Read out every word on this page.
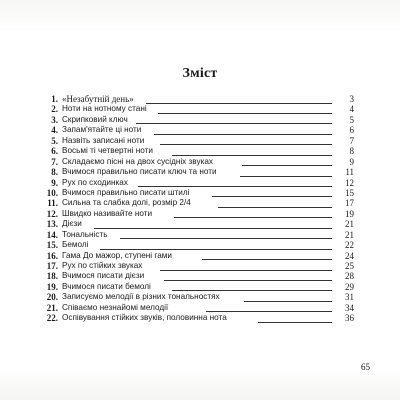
Зміст
1. «Незабутній день»	3
2. Ноти на нотному стані	4
3. Скрипковий ключ	5
4. Запам'ятайте ці ноти	6
5. Назвіть записані ноти	7
6. Восьмі ті четвертні ноти	8
7. Складаємо пісні на двох сусідніх звуках	9
8. Вчимося правильно писати ключ та ноти	11
9. Рух по сходинках	12
10. Вчимося правильно писати штилі	15
11. Сильна та слабка долі, розмір 2/4	17
12. Швидко називайте ноти	19
13. Дієзи	21
14. Тональність	21
15. Бемолі	22
16. Гама До мажор, ступені гами	24
17. Рух по стійких звуках	25
18. Вчимося писати дієзи	28
19. Вчимося писати бемолі	29
20. Записуємо мелодії в різних тональностях	31
21. Співаємо незнайомі мелодії	34
22. Оспівування стійких звуків, половинна нота	36
65
